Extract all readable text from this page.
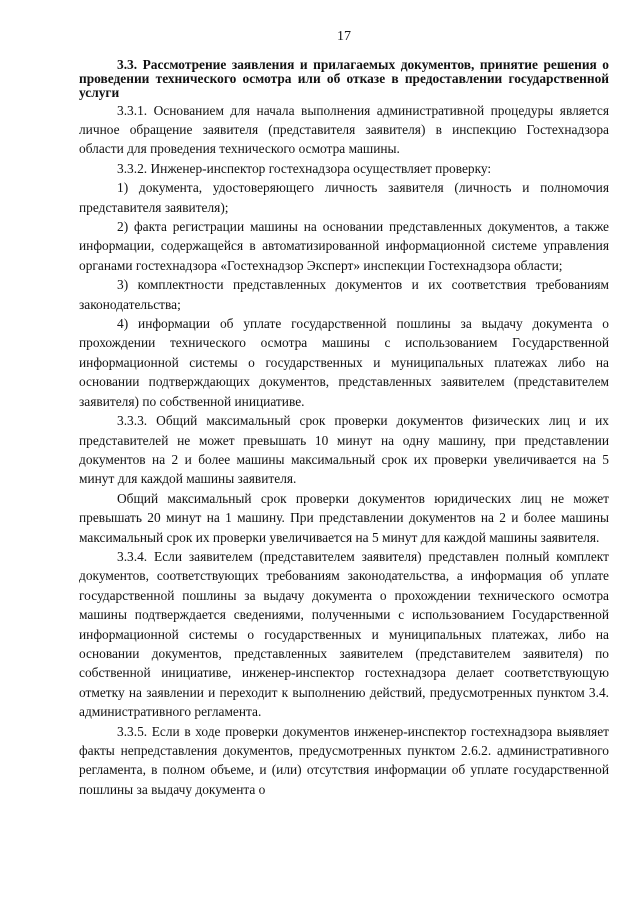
17

3.3. Рассмотрение заявления и прилагаемых документов, принятие решения о проведении технического осмотра или об отказе в предоставлении государственной услуги

3.3.1. Основанием для начала выполнения административной процедуры является личное обращение заявителя (представителя заявителя) в инспекцию Гостехнадзора области для проведения технического осмотра машины.

3.3.2. Инженер-инспектор гостехнадзора осуществляет проверку:

1) документа, удостоверяющего личность заявителя (личность и полномочия представителя заявителя);

2) факта регистрации машины на основании представленных документов, а также информации, содержащейся в автоматизированной информационной системе управления органами гостехнадзора «Гостехнадзор Эксперт» инспекции Гостехнадзора области;

3) комплектности представленных документов и их соответствия требованиям законодательства;

4) информации об уплате государственной пошлины за выдачу документа о прохождении технического осмотра машины с использованием Государственной информационной системы о государственных и муниципальных платежах либо на основании подтверждающих документов, представленных заявителем (представителем заявителя) по собственной инициативе.

3.3.3. Общий максимальный срок проверки документов физических лиц и их представителей не может превышать 10 минут на одну машину, при представлении документов на 2 и более машины максимальный срок их проверки увеличивается на 5 минут для каждой машины заявителя.

Общий максимальный срок проверки документов юридических лиц не может превышать 20 минут на 1 машину. При представлении документов на 2 и более машины максимальный срок их проверки увеличивается на 5 минут для каждой машины заявителя.

3.3.4. Если заявителем (представителем заявителя) представлен полный комплект документов, соответствующих требованиям законодательства, а информация об уплате государственной пошлины за выдачу документа о прохождении технического осмотра машины подтверждается сведениями, полученными с использованием Государственной информационной системы о государственных и муниципальных платежах, либо на основании документов, представленных заявителем (представителем заявителя) по собственной инициативе, инженер-инспектор гостехнадзора делает соответствующую отметку на заявлении и переходит к выполнению действий, предусмотренных пунктом 3.4. административного регламента.

3.3.5. Если в ходе проверки документов инженер-инспектор гостехнадзора выявляет факты непредставления документов, предусмотренных пунктом 2.6.2. административного регламента, в полном объеме, и (или) отсутствия информации об уплате государственной пошлины за выдачу документа о
